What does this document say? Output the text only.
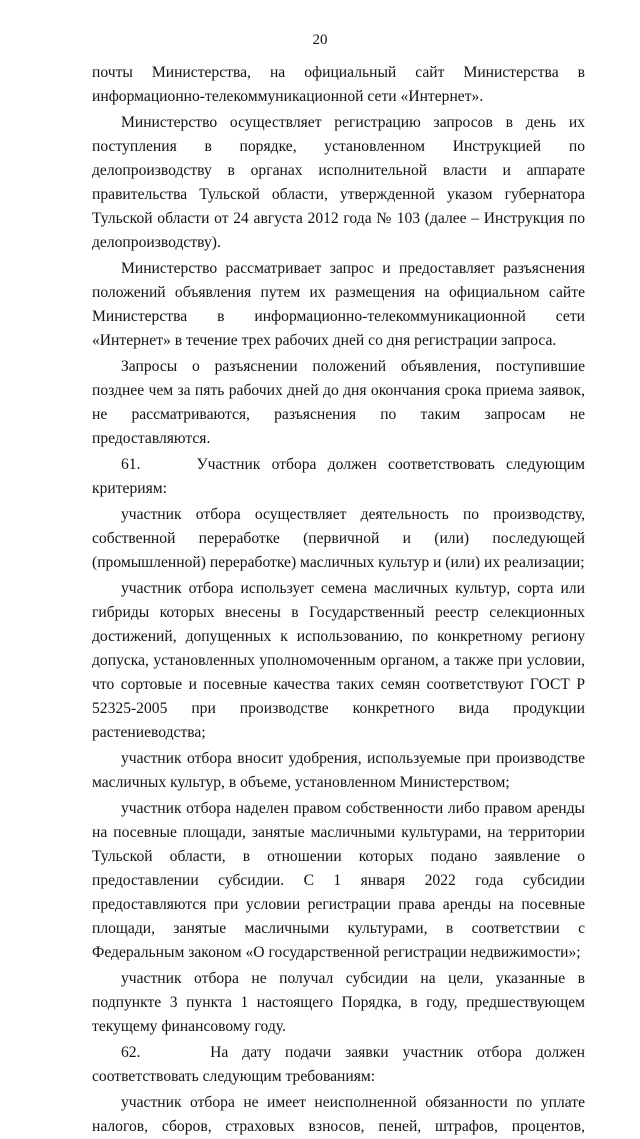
20

почты Министерства, на официальный сайт Министерства в информационно-телекоммуникационной сети «Интернет».

Министерство осуществляет регистрацию запросов в день их поступления в порядке, установленном Инструкцией по делопроизводству в органах исполнительной власти и аппарате правительства Тульской области, утвержденной указом губернатора Тульской области от 24 августа 2012 года № 103 (далее – Инструкция по делопроизводству).

Министерство рассматривает запрос и предоставляет разъяснения положений объявления путем их размещения на официальном сайте Министерства в информационно-телекоммуникационной сети «Интернет» в течение трех рабочих дней со дня регистрации запроса.

Запросы о разъяснении положений объявления, поступившие позднее чем за пять рабочих дней до дня окончания срока приема заявок, не рассматриваются, разъяснения по таким запросам не предоставляются.

61.     Участник отбора должен соответствовать следующим критериям:

участник отбора осуществляет деятельность по производству, собственной переработке (первичной и (или) последующей (промышленной) переработке) масличных культур и (или) их реализации;

участник отбора использует семена масличных культур, сорта или гибриды которых внесены в Государственный реестр селекционных достижений, допущенных к использованию, по конкретному региону допуска, установленных уполномоченным органом, а также при условии, что сортовые и посевные качества таких семян соответствуют ГОСТ Р 52325-2005 при производстве конкретного вида продукции растениеводства;

участник отбора вносит удобрения, используемые при производстве масличных культур, в объеме, установленном Министерством;

участник отбора наделен правом собственности либо правом аренды на посевные площади, занятые масличными культурами, на территории Тульской области, в отношении которых подано заявление о предоставлении субсидии. С 1 января 2022 года субсидии предоставляются при условии регистрации права аренды на посевные площади, занятые масличными культурами, в соответствии с Федеральным законом «О государственной регистрации недвижимости»;

участник отбора не получал субсидии на цели, указанные в подпункте 3 пункта 1 настоящего Порядка, в году, предшествующем текущему финансовому году.

62.     На дату подачи заявки участник отбора должен соответствовать следующим требованиям:

участник отбора не имеет неисполненной обязанности по уплате налогов, сборов, страховых взносов, пеней, штрафов, процентов,
